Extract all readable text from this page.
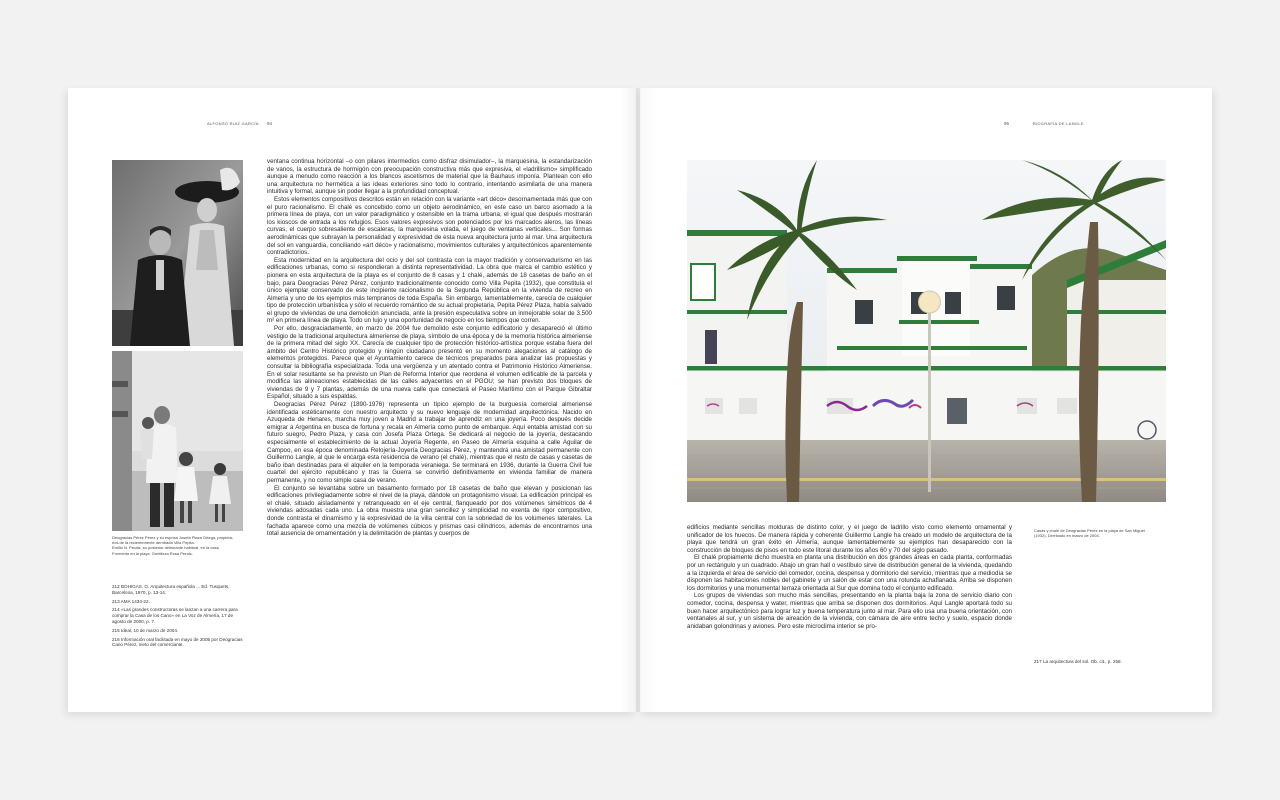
ALFONSO RUIZ GARCÍA 94

Deogracias Pérez Pérez y su esposa Josefa Plaza Ortega, propieta-

rios de la recientemente derribada Villa Pepita.

Emilio N. Perals, su posterior delineante habitual, en la casa

Formenta en la playa. Gentileza Rosa Perals.

212 BOHIGAS, O. Arquitectura española ... Ed. Tusquets, Barcelona, 1970, p. 13-14.

213 AMA 1434-22.

214 «Las grandes constructoras se lanzan a una carrera para comprar la Casa de los Cano» en La Voz de Almería, 17 de agosto de 2000, p. 7.

215 Ideal, 10 de marzo de 2004.

216 Información oral facilitada en mayo de 2005 por Deogracias Cano Pérez, nieto del comerciante.

ventana continua horizontal –o con pilares intermedios como disfraz disimulador–, la marquesina, la estandarización de vanos, la estructura de hormigón con preocupación constructiva más que expresiva, el «ladrillismo» simplificado aunque a menudo como reacción a los blancos ascetismos de material que la Bauhaus imponía. Plantean con ello una arquitectura no hermética a las ideas exteriores sino todo lo contrario, intentando asimilarla de una manera intuitiva y formal, aunque sin poder llegar a la profundidad conceptual.

Estos elementos compositivos descritos están en relación con la variante «art déco» desornamentada más que con el puro racionalismo. El chalé es concebido como un objeto aerodinámico, en este caso un barco asomado a la primera línea de playa, con un valor paradigmático y ostensible en la trama urbana, el igual que después mostrarán los kioscos de entrada a los refugios. Esos valores expresivos son potenciados por los marcados aleros, las líneas curvas, el cuerpo sobresaliente de escaleras, la marquesina volada, el juego de ventanas verticales... Son formas aerodinámicas que subrayan la personalidad y expresividad de esta nueva arquitectura junto al mar. Una arquitectura del sol en vanguardia, conciliando «art déco» y racionalismo, movimientos culturales y arquitectónicos aparentemente contradictorios.

Esta modernidad en la arquitectura del ocio y del sol contrasta con la mayor tradición y conservadurismo en las edificaciones urbanas, como si respondieran a distinta representatividad. La obra que marca el cambio estético y pionera en esta arquitectura de la playa es el conjunto de 8 casas y 1 chalé, además de 18 casetas de baño en el bajo, para Deogracias Pérez Pérez, conjunto tradicionalmente conocido como Villa Pepita (1932), que constituía el único ejemplar conservado de este incipiente racionalismo de la Segunda República en la vivienda de recreo en Almería y uno de los ejemplos más tempranos de toda España. Sin embargo, lamentablemente, carecía de cualquier tipo de protección urbanística y sólo el recuerdo romántico de su actual propietaria, Pepita Pérez Plaza, había salvado el grupo de viviendas de una demolición anunciada, ante la presión especulativa sobre un inmejorable solar de 3.500 m² en primera línea de playa. Todo un lujo y una oportunidad de negocio en los tiempos que corren.

Por ello, desgraciadamente, en marzo de 2004 fue demolido este conjunto edificatorio y desapareció el último vestigio de la tradicional arquitectura almeriense de playa, símbolo de una época y de la memoria histórica almeriense de la primera mitad del siglo XX. Carecía de cualquier tipo de protección histórico-artística porque estaba fuera del ámbito del Centro Histórico protegido y ningún ciudadano presentó en su momento alegaciones al catálogo de elementos protegidos. Parece que el Ayuntamiento carece de técnicos preparados para analizar las propuestas y consultar la bibliografía especializada. Toda una vergüenza y un atentado contra el Patrimonio Histórico Almeriense. En el solar resultante se ha previsto un Plan de Reforma Interior que reordena el volumen edificable de la parcela y modifica las alineaciones establecidas de las calles adyacentes en el PGOU; se han previsto dos bloques de viviendas de 9 y 7 plantas, además de una nueva calle que conectará el Paseo Marítimo con el Parque Gibraltar Español, situado a sus espaldas.

Deogracias Pérez Pérez (1890-1976) representa un típico ejemplo de la burguesía comercial almeriense identificada estéticamente con nuestro arquitecto y su nuevo lenguaje de modernidad arquitectónica. Nacido en Azuqueda de Henares, marcha muy joven a Madrid a trabajar de aprendiz en una joyería. Poco después decide emigrar a Argentina en busca de fortuna y recala en Almería como punto de embarque. Aquí entabla amistad con su futuro suegro, Pedro Plaza, y casa con Josefa Plaza Ortega. Se dedicará al negocio de la joyería, destacando especialmente el establecimiento de la actual Joyería Regente, en Paseo de Almería esquina a calle Aguilar de Campoo, en esa época denominada Relojería-Joyería Deogracias Pérez, y mantendrá una amistad permanente con Guillermo Langle, al que le encarga esta residencia de verano (el chalé), mientras que el resto de casas y casetas de baño iban destinadas para el alquiler en la temporada veraniega. Se terminará en 1936, durante la Guerra Civil fue cuartel del ejército republicano y tras la Guerra se convirtió definitivamente en vivienda familiar de manera permanente, y no como simple casa de verano.

El conjunto se levantaba sobre un basamento formado por 18 casetas de baño que elevan y posicionan las edificaciones privilegiadamente sobre el nivel de la playa, dándole un protagonismo visual. La edificación principal es el chalé, situado aisladamente y retranqueado en el eje central, flanqueado por dos volúmenes simétricos de 4 viviendas adosadas cada uno. La obra muestra una gran sencillez y simplicidad no exenta de rigor compositivo, donde contrasta el dinamismo y la expresividad de la villa central con la sobriedad de los volúmenes laterales. La fachada aparece como una mezcla de volúmenes cúbicos y prismas casi cilíndricos, además de encontrarnos una total ausencia de ornamentación y la delimitación de plantas y cuerpos de

95	BIOGRAFÍA DE LANGLE

Casas y chalé de Deogracias Pérez en la playa de San Miguel

(1932). Derribado en marzo de 2004.

edificios mediante sencillas molduras de distinto color, y el juego de ladrillo visto como elemento ornamental y unificador de los huecos. De manera rápida y coherente Guillermo Langle ha creado un modelo de arquitectura de la playa que tendrá un gran éxito en Almería, aunque lamentablemente su ejemplos han desaparecido con la construcción de bloques de pisos en todo este litoral durante los años 60 y 70 del siglo pasado.

El chalé propiamente dicho muestra en planta una distribución en dos grandes áreas en cada planta, conformadas por un rectángulo y un cuadrado. Abajo un gran hall o vestíbulo sirve de distribución general de la vivienda, quedando a la izquierda el área de servicio del comedor, cocina, despensa y dormitorio del servicio, mientras que a mediodía se disponen las habitaciones nobles del gabinete y un salón de estar con una rotunda achaflanada. Arriba se disponen los dormitorios y una monumental terraza orientada al Sur que domina todo el conjunto edificado.

Los grupos de viviendas son mucho más sencillas, presentando en la planta baja la zona de servicio diario con comedor, cocina, despensa y water, mientras que arriba se disponen dos dormitorios. Aquí Langle aportará todo su buen hacer arquitectónico para lograr luz y buena temperatura junto al mar. Para ello usa una buena orientación, con ventanales al sur, y un sistema de aireación de la vivienda, con cámara de aire entre techo y suelo, espacio donde anidaban golondrinas y aviones. Pero este microclima interior se pro-

217 La arquitectura del sol. Ob. cit., p. 258.
